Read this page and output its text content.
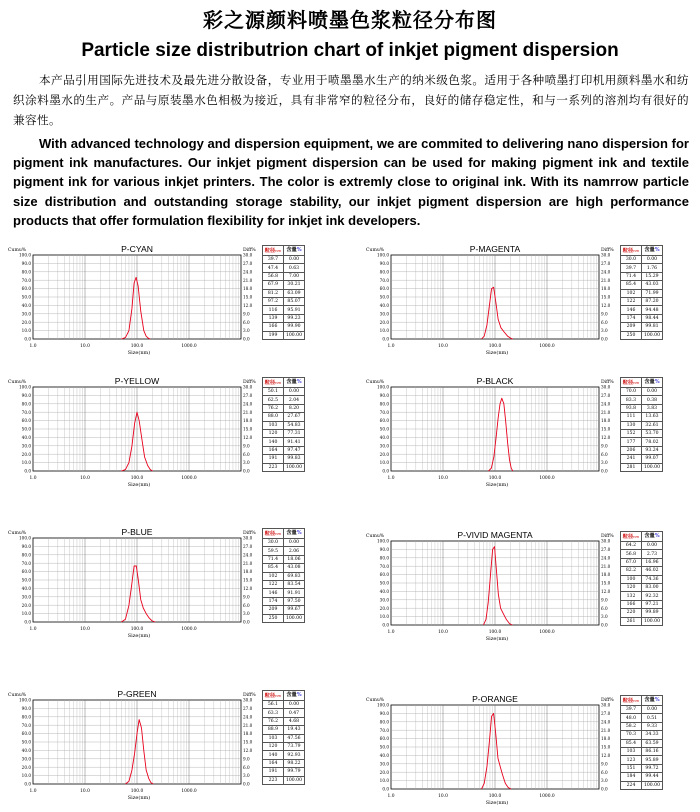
彩之源颜料喷墨色浆粒径分布图
Particle size distributrion chart of inkjet pigment dispersion
本产品引用国际先进技术及最先进分散设备，专业用于喷墨墨水生产的纳米级色浆。适用于各种喷墨打印机用颜料墨水和纺织涂料墨水的生产。产品与原装墨水色相极为接近，具有非常窄的粒径分布，良好的储存稳定性，和与一系列的溶剂均有很好的兼容性。
With advanced technology and dispersion equipment, we are commited to delivering nano dispersion for pigment ink manufactures. Our inkjet pigment dispersion can be used for making pigment ink and textile pigment ink for various inkjet printers. The color is extremly close to original ink. With its namrrow particle size distribution and outstanding storage stability, our inkjet pigment dispersion are high performance products that offer formulation flexibility for inkjet ink developers.
P-CYAN
Cumu%	Diff%
100.0	30.0
90.0	27.0
80.0	24.0
70.0	21.0
60.0	18.0
50.0	15.0
40.0	12.0
30.0	9.0
20.0	6.0
10.0	3.0
0.0	0.0
1.0	10.0	100.0	1000.0
Size(nm)
粒径nm	含量%
39.7	0.00
47.4	0.63
56.8	7.00
67.9	30.21
81.2	63.09
97.2	85.07
116	95.91
139	99.23
166	99.90
199	100.00
P-MAGENTA
Cumu%	Diff%
100.0	30.0
90.0	27.0
80.0	24.0
70.0	21.0
60.0	18.0
50.0	15.0
40.0	12.0
30.0	9.0
20.0	6.0
10.0	3.0
0.0	0.0
1.0	10.0	100.0	1000.0
Size(nm)
粒径nm	含量%
30.0	0.00
39.7	1.76
71.4	15.29
85.4	43.03
102	71.99
122	87.20
146	94.48
174	98.44
209	99.81
250	100.00
P-YELLOW
Cumu%	Diff%
100.0	30.0
90.0	27.0
80.0	24.0
70.0	21.0
60.0	18.0
50.0	15.0
40.0	12.0
30.0	9.0
20.0	6.0
10.0	3.0
0.0	0.0
1.0	10.0	100.0	1000.0
Size(nm)
粒径nm	含量%
50.1	0.00
62.5	2.04
76.2	8.20
88.0	27.67
103	54.83
120	77.31
140	91.41
164	97.47
191	99.83
223	100.00
P-BLACK
Cumu%	Diff%
100.0	30.0
90.0	27.0
80.0	24.0
70.0	21.0
60.0	18.0
50.0	15.0
40.0	12.0
30.0	9.0
20.0	6.0
10.0	3.0
0.0	0.0
1.0	10.0	100.0	1000.0
Size(nm)
粒径nm	含量%
70.0	0.00
83.3	0.38
93.8	3.83
111	13.63
130	32.61
152	53.70
177	78.02
206	93.24
241	99.07
281	100.00
P-BLUE
Cumu%	Diff%
100.0	30.0
90.0	27.0
80.0	24.0
70.0	21.0
60.0	18.0
50.0	15.0
40.0	12.0
30.0	9.0
20.0	6.0
10.0	3.0
0.0	0.0
1.0	10.0	100.0	1000.0
Size(nm)
粒径nm	含量%
30.0	0.00
59.5	2.06
71.4	18.06
85.4	43.08
102	69.83
122	83.54
146	91.91
174	97.50
209	99.67
250	100.00
P-VIVID MAGENTA
Cumu%	Diff%
100.0	30.0
90.0	27.0
80.0	24.0
70.0	21.0
60.0	18.0
50.0	15.0
40.0	12.0
30.0	9.0
20.0	6.0
10.0	3.0
0.0	0.0
1.0	10.0	100.0	1000.0
Size(nm)
粒径nm	含量%
64.2	0.00
56.8	2.73
67.0	16.96
82.2	46.02
100	74.36
120	83.00
132	92.32
166	97.21
220	99.89
261	100.00
P-GREEN
Cumu%	Diff%
100.0	30.0
90.0	27.0
80.0	24.0
70.0	21.0
60.0	18.0
50.0	15.0
40.0	12.0
30.0	9.0
20.0	6.0
10.0	3.0
0.0	0.0
1.0	10.0	100.0	1000.0
Size(nm)
粒径nm	含量%
56.1	0.00
63.3	0.47
76.2	4.68
88.9	19.43
103	47.56
120	73.79
140	92.93
164	98.22
191	99.79
223	100.00
P-ORANGE
Cumu%	Diff%
100.0	30.0
90.0	27.0
80.0	24.0
70.0	21.0
60.0	18.0
50.0	15.0
40.0	12.0
30.0	9.0
20.0	6.0
10.0	3.0
0.0	0.0
1.0	10.0	100.0	1000.0
Size(nm)
粒径nm	含量%
39.7	0.00
48.0	0.51
58.2	9.33
70.3	34.33
85.4	63.59
103	86.16
123	95.89
151	99.72
184	99.44
224	100.00
